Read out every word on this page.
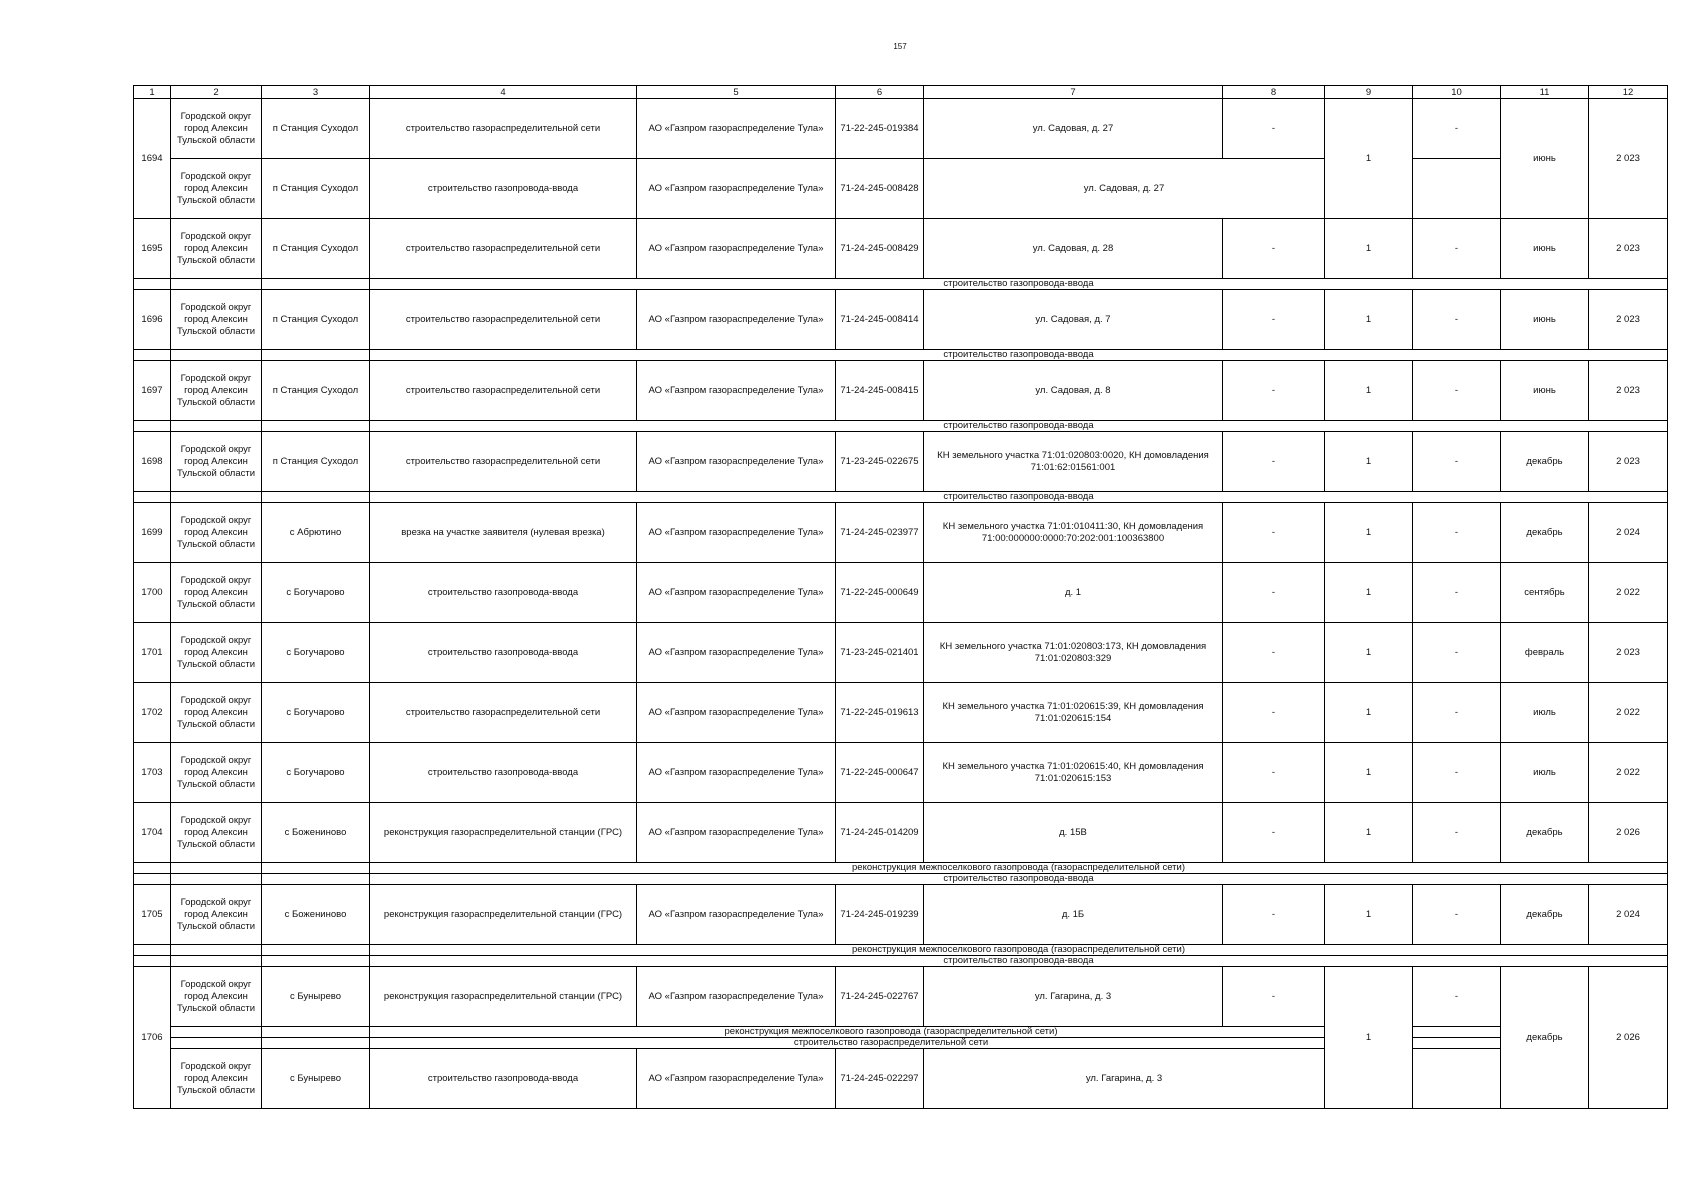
157
1	2	3	4	5	6	7	8	9	10	11	12
1694	Городской округ город Алексин Тульской области	п Станция Суходол	строительство газораспределительной сети	АО «Газпром газораспределение Тула»	71-22-245-019384	ул. Садовая, д. 27	-	1	-	июнь	2 023
	Городской округ город Алексин Тульской области	п Станция Суходол	строительство газопровода-ввода	АО «Газпром газораспределение Тула»	71-24-245-008428	ул. Садовая, д. 27					
1695	Городской округ город Алексин Тульской области	п Станция Суходол	строительство газораспределительной сети	АО «Газпром газораспределение Тула»	71-24-245-008429	ул. Садовая, д. 28	-	1	-	июнь	2 023
			строительство газопровода-ввода								
1696	Городской округ город Алексин Тульской области	п Станция Суходол	строительство газораспределительной сети	АО «Газпром газораспределение Тула»	71-24-245-008414	ул. Садовая, д. 7	-	1	-	июнь	2 023
			строительство газопровода-ввода								
1697	Городской округ город Алексин Тульской области	п Станция Суходол	строительство газораспределительной сети	АО «Газпром газораспределение Тула»	71-24-245-008415	ул. Садовая, д. 8	-	1	-	июнь	2 023
			строительство газопровода-ввода								
1698	Городской округ город Алексин Тульской области	п Станция Суходол	строительство газораспределительной сети	АО «Газпром газораспределение Тула»	71-23-245-022675	КН земельного участка 71:01:020803:0020, КН домовладения 71:01:62:01561:001	-	1	-	декабрь	2 023
			строительство газопровода-ввода								
1699	Городской округ город Алексин Тульской области	с Абрютино	врезка на участке заявителя (нулевая врезка)	АО «Газпром газораспределение Тула»	71-24-245-023977	КН земельного участка 71:01:010411:30, КН домовладения 71:00:000000:0000:70:202:001:100363800	-	1	-	декабрь	2 024
1700	Городской округ город Алексин Тульской области	с Богучарово	строительство газопровода-ввода	АО «Газпром газораспределение Тула»	71-22-245-000649	д. 1	-	1	-	сентябрь	2 022
1701	Городской округ город Алексин Тульской области	с Богучарово	строительство газопровода-ввода	АО «Газпром газораспределение Тула»	71-23-245-021401	КН земельного участка 71:01:020803:173, КН домовладения 71:01:020803:329	-	1	-	февраль	2 023
1702	Городской округ город Алексин Тульской области	с Богучарово	строительство газораспределительной сети	АО «Газпром газораспределение Тула»	71-22-245-019613	КН земельного участка 71:01:020615:39, КН домовладения 71:01:020615:154	-	1	-	июль	2 022
1703	Городской округ город Алексин Тульской области	с Богучарово	строительство газопровода-ввода	АО «Газпром газораспределение Тула»	71-22-245-000647	КН земельного участка 71:01:020615:40, КН домовладения 71:01:020615:153	-	1	-	июль	2 022
1704	Городской округ город Алексин Тульской области	с Божениново	реконструкция газораспределительной станции (ГРС)	АО «Газпром газораспределение Тула»	71-24-245-014209	д. 15В	-	1	-	декабрь	2 026
			реконструкция межпоселкового газопровода (газораспределительной сети)								
			строительство газопровода-ввода								
1705	Городской округ город Алексин Тульской области	с Божениново	реконструкция газораспределительной станции (ГРС)	АО «Газпром газораспределение Тула»	71-24-245-019239	д. 1Б	-	1	-	декабрь	2 024
			реконструкция межпоселкового газопровода (газораспределительной сети)								
			строительство газопровода-ввода								
1706	Городской округ город Алексин Тульской области	с Бунырево	реконструкция газораспределительной станции (ГРС)	АО «Газпром газораспределение Тула»	71-24-245-022767	ул. Гагарина, д. 3	-	1	-	декабрь	2 026
			реконструкция межпоселкового газопровода (газораспределительной сети)								
			строительство газораспределительной сети								
	Городской округ город Алексин Тульской области	с Бунырево	строительство газопровода-ввода	АО «Газпром газораспределение Тула»	71-24-245-022297	ул. Гагарина, д. 3					
